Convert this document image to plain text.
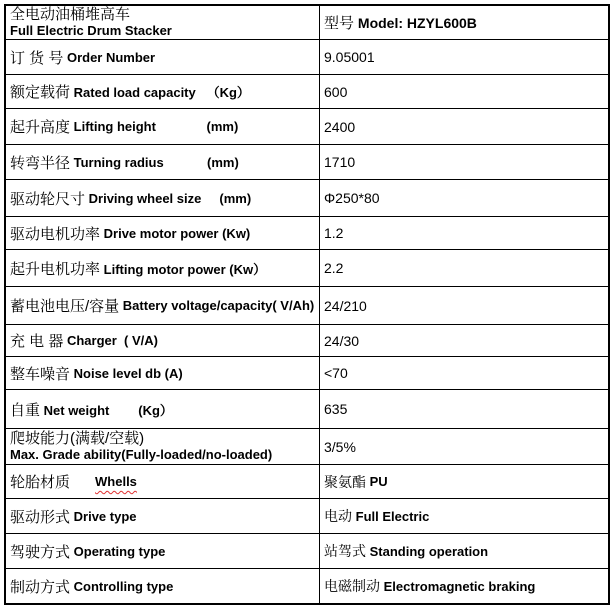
全电动油桶堆高车
Full Electric Drum Stacker	型号 Model: HZYL600B
订 货 号 Order Number	9.05001
额定载荷 Rated load capacity   （Kg）	600
起升高度 Lifting height              (mm)	2400
转弯半径 Turning radius            (mm)	1710
驱动轮尺寸 Driving wheel size     (mm)	Φ250*80
驱动电机功率 Drive motor power (Kw)	1.2
起升电机功率 Lifting motor power (Kw）	2.2
蓄电池电压/容量 Battery voltage/capacity( V/Ah) 24/210
充 电 器 Charger  ( V/A)	24/30
整车噪音 Noise level db (A)	<70
自重 Net weight        (Kg）	635
爬坡能力(满载/空载)
Max. Grade ability(Fully-loaded/no-loaded)	3/5%
轮胎材质 Whells	聚氨酯 PU
驱动形式 Drive type	电动 Full Electric
驾驶方式 Operating type	站驾式 Standing operation
制动方式 Controlling type	电磁制动 Electromagnetic braking
